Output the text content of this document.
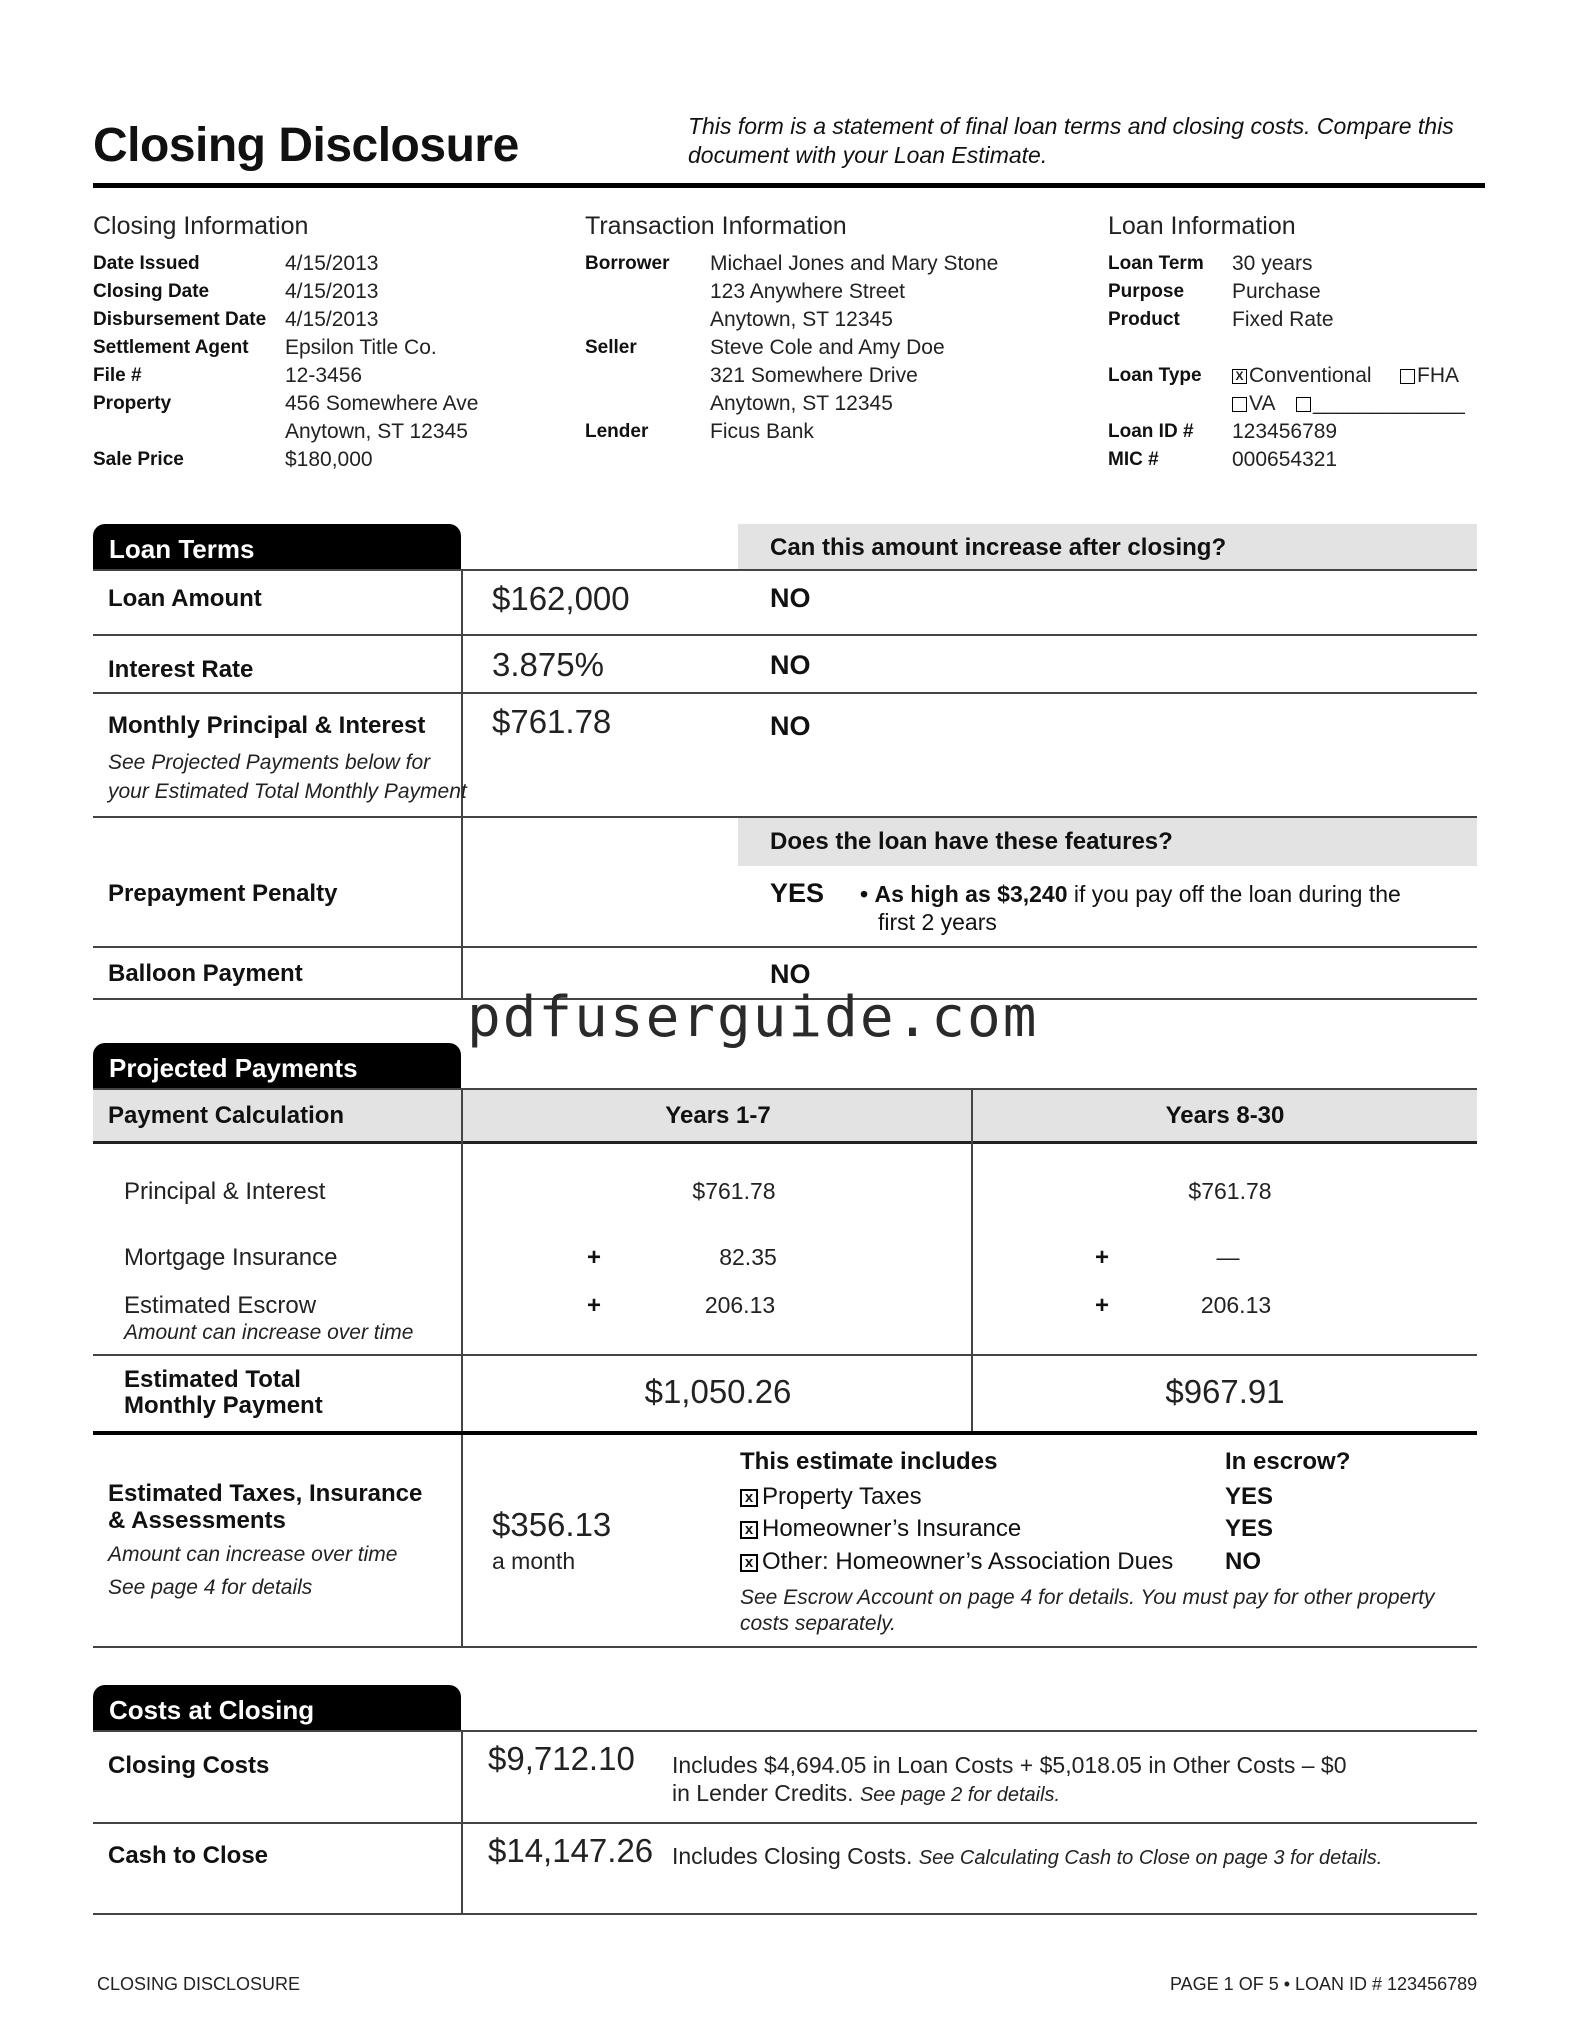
Closing Disclosure	This form is a statement of final loan terms and closing costs. Compare this document with your Loan Estimate.
Closing Information
Date Issued	4/15/2013
Closing Date	4/15/2013
Disbursement Date 4/15/2013
Settlement Agent Epsilon Title Co.
File #	12-3456
Property	456 Somewhere Ave
Anytown, ST 12345
Sale Price	$180,000
Transaction Information
Borrower Michael Jones and Mary Stone
123 Anywhere Street
Anytown, ST 12345
Seller	Steve Cole and Amy Doe
321 Somewhere Drive
Anytown, ST 12345
Lender	Ficus Bank
Loan Information
Loan Term 30 years
Purpose Purchase
Product Fixed Rate
Loan Type	X Conventional	FHA
VA	_____________
Loan ID # 123456789
MIC #	000654321
Loan Terms	Can this amount increase after closing?
Loan Amount	$162,000	NO
Interest Rate	3.875%	NO
Monthly Principal & Interest
See Projected Payments below for your Estimated Total Monthly Payment
$761.78	NO
Does the loan have these features?
Prepayment Penalty	YES • As high as $3,240 if you pay off the loan during the
first 2 years
Balloon Payment	NO
pdfuserguide.com
Projected Payments
Payment Calculation	Years 1-7	Years 8-30
Principal & Interest	$761.78	$761.78
Mortgage Insurance	+	82.35	+	—
Estimated Escrow
Amount can increase over time
+	206.13	+	206.13
Estimated Total
Monthly Payment	$1,050.26	$967.91
Estimated Taxes, Insurance
& Assessments
Amount can increase over time
See page 4 for details
$356.13
a month
This estimate includes	In escrow?
x Property Taxes	YES
x Homeowner’s Insurance	YES
x Other: Homeowner’s Association Dues NO
See Escrow Account on page 4 for details. You must pay for other property costs separately.
Costs at Closing
Closing Costs	$9,712.10 Includes $4,694.05 in Loan Costs + $5,018.05 in Other Costs – $0
in Lender Credits. See page 2 for details.
Cash to Close	$14,147.26 Includes Closing Costs. See Calculating Cash to Close on page 3 for details.
CLOSING DISCLOSURE	PAGE 1 OF 5 • LOAN ID # 123456789
